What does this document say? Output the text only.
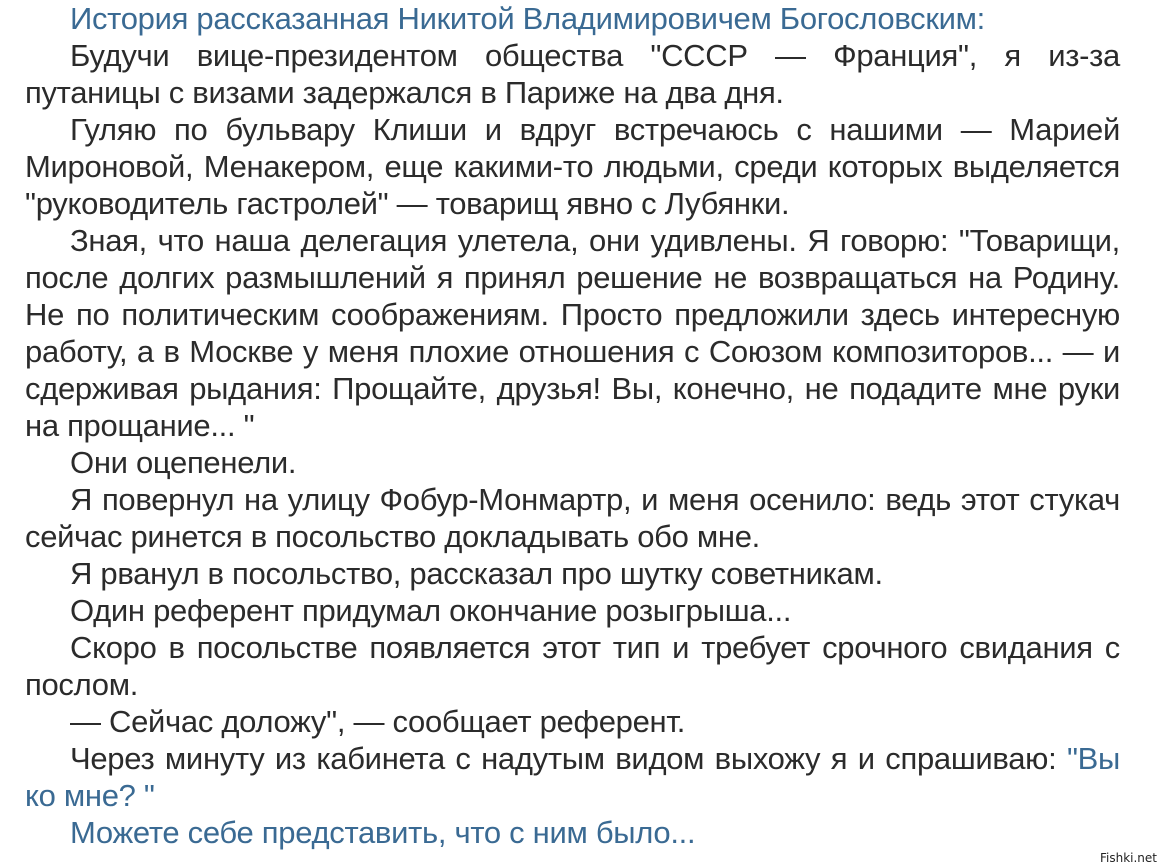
История рассказанная Никитой Владимировичем Богословским:

Будучи вице-президентом общества "СССР — Франция", я из-за путаницы с визами задержался в Париже на два дня.

Гуляю по бульвару Клиши и вдруг встречаюсь с нашими — Марией Мироновой, Менакером, еще какими-то людьми, среди которых выделяется "руководитель гастролей" — товарищ явно с Лубянки.

Зная, что наша делегация улетела, они удивлены. Я говорю: "Товарищи, после долгих размышлений я принял решение не возвращаться на Родину. Не по политическим соображениям. Просто предложили здесь интересную работу, а в Москве у меня плохие отношения с Союзом композиторов... — и сдерживая рыдания: Прощайте, друзья! Вы, конечно, не подадите мне руки на прощание... "

Они оцепенели.

Я повернул на улицу Фобур-Монмартр, и меня осенило: ведь этот стукач сейчас ринется в посольство докладывать обо мне.

Я рванул в посольство, рассказал про шутку советникам.

Один референт придумал окончание розыгрыша...

Скоро в посольстве появляется этот тип и требует срочного свидания с послом.

— Сейчас доложу", — сообщает референт.

Через минуту из кабинета с надутым видом выхожу я и спрашиваю: "Вы ко мне? "

Можете себе представить, что с ним было...

Fishki.net
